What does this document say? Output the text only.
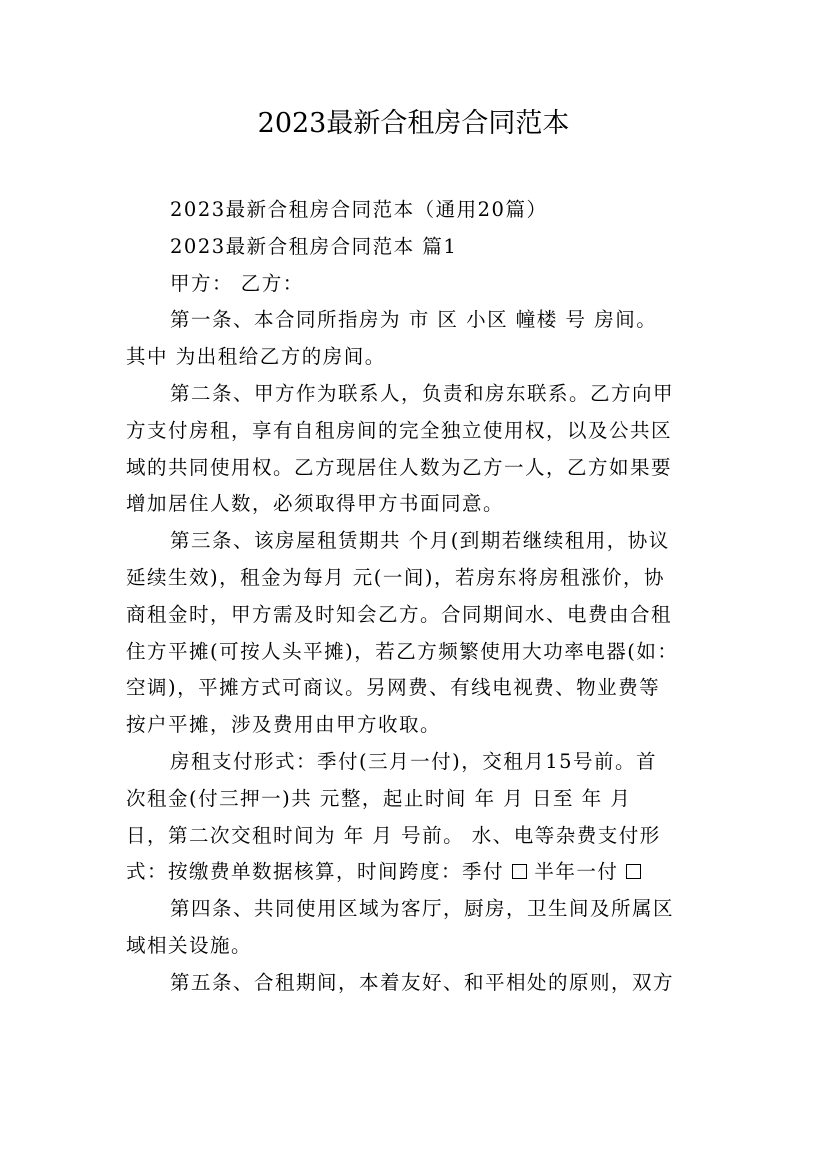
2023最新合租房合同范本
2023最新合租房合同范本（通用20篇）
2023最新合租房合同范本 篇1
甲方： 乙方：
第一条、本合同所指房为 市 区 小区 幢楼 号 房间。
其中 为出租给乙方的房间。
第二条、甲方作为联系人，负责和房东联系。乙方向甲
方支付房租，享有自租房间的完全独立使用权，以及公共区
域的共同使用权。乙方现居住人数为乙方一人，乙方如果要
增加居住人数，必须取得甲方书面同意。
第三条、该房屋租赁期共 个月(到期若继续租用，协议
延续生效)，租金为每月 元(一间)，若房东将房租涨价，协
商租金时，甲方需及时知会乙方。合同期间水、电费由合租
住方平摊(可按人头平摊)，若乙方频繁使用大功率电器(如：
空调)，平摊方式可商议。另网费、有线电视费、物业费等
按户平摊，涉及费用由甲方收取。
房租支付形式：季付(三月一付)，交租月15号前。首
次租金(付三押一)共 元整，起止时间 年 月 日至 年 月
日，第二次交租时间为 年 月 号前。 水、电等杂费支付形
式：按缴费单数据核算，时间跨度：季付  半年一付
第四条、共同使用区域为客厅，厨房，卫生间及所属区
域相关设施。
第五条、合租期间，本着友好、和平相处的原则，双方
